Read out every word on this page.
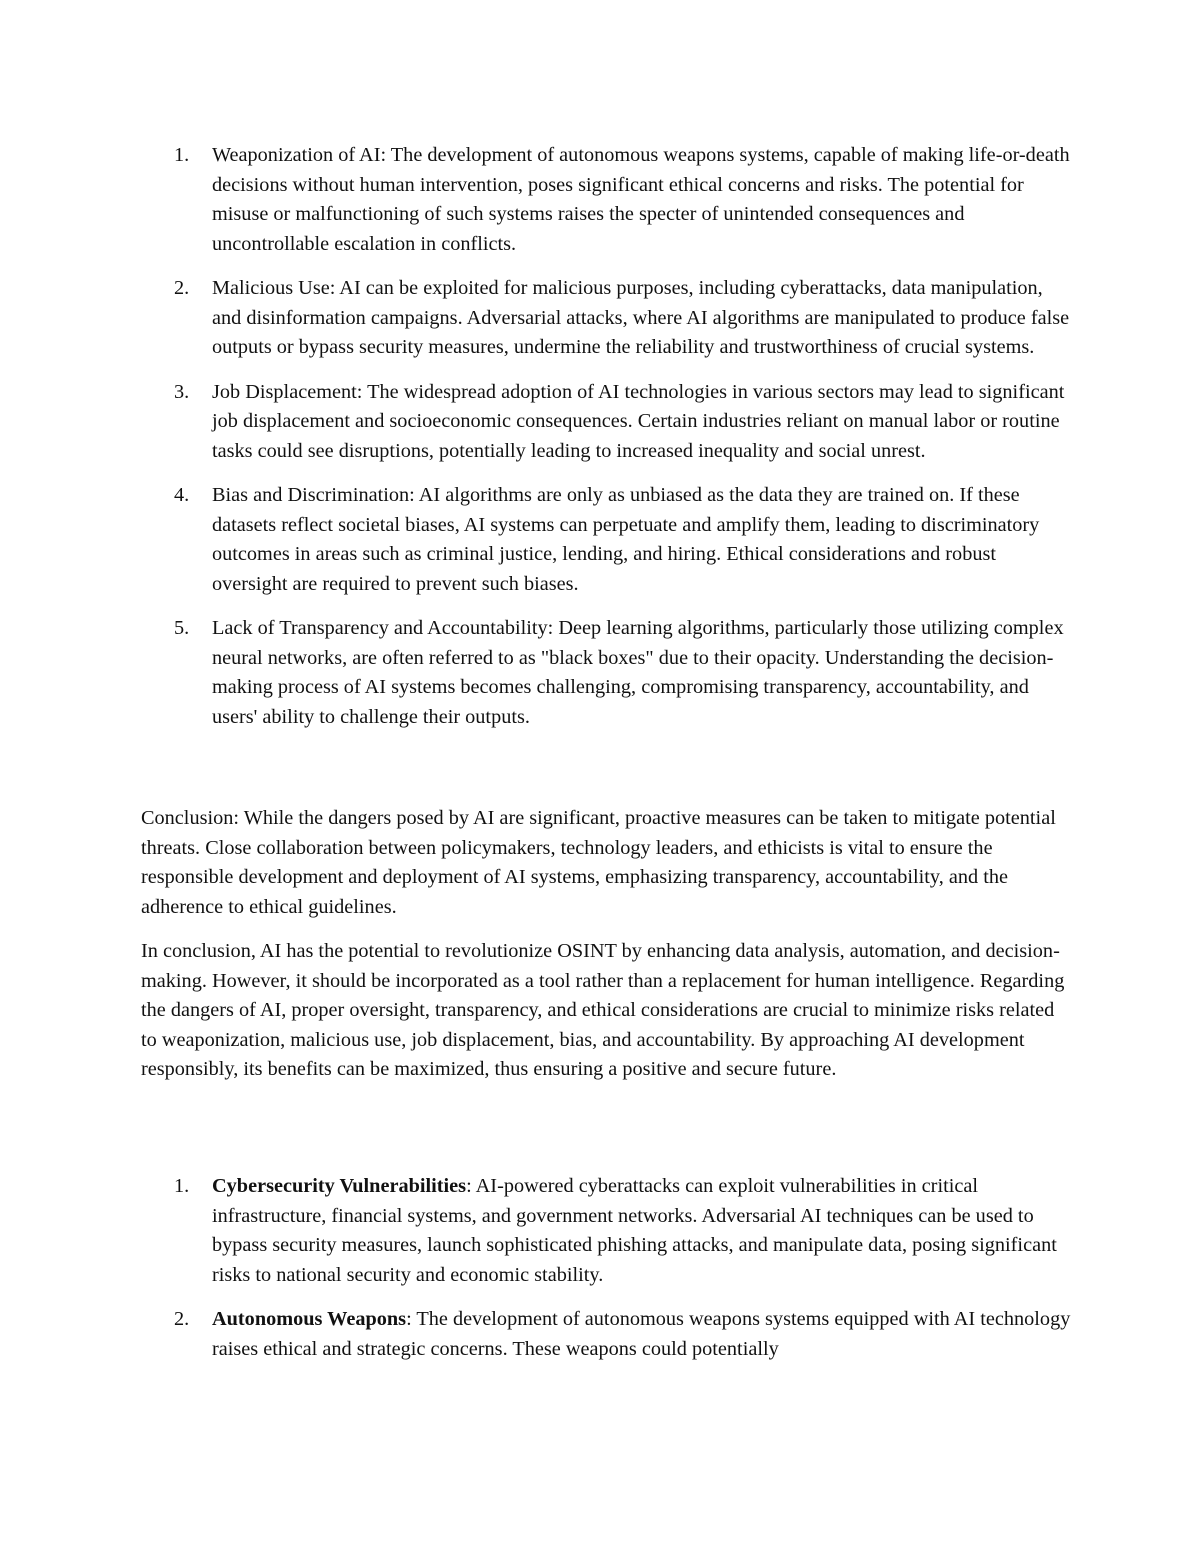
1.	Weaponization of AI: The development of autonomous weapons systems, capable of making life-or-death decisions without human intervention, poses significant ethical concerns and risks. The potential for misuse or malfunctioning of such systems raises the specter of unintended consequences and uncontrollable escalation in conflicts.
2.	Malicious Use: AI can be exploited for malicious purposes, including cyberattacks, data manipulation, and disinformation campaigns. Adversarial attacks, where AI algorithms are manipulated to produce false outputs or bypass security measures, undermine the reliability and trustworthiness of crucial systems.
3.	Job Displacement: The widespread adoption of AI technologies in various sectors may lead to significant job displacement and socioeconomic consequences. Certain industries reliant on manual labor or routine tasks could see disruptions, potentially leading to increased inequality and social unrest.
4.	Bias and Discrimination: AI algorithms are only as unbiased as the data they are trained on. If these datasets reflect societal biases, AI systems can perpetuate and amplify them, leading to discriminatory outcomes in areas such as criminal justice, lending, and hiring. Ethical considerations and robust oversight are required to prevent such biases.
5.	Lack of Transparency and Accountability: Deep learning algorithms, particularly those utilizing complex neural networks, are often referred to as "black boxes" due to their opacity. Understanding the decision-making process of AI systems becomes challenging, compromising transparency, accountability, and users' ability to challenge their outputs.

Conclusion: While the dangers posed by AI are significant, proactive measures can be taken to mitigate potential threats. Close collaboration between policymakers, technology leaders, and ethicists is vital to ensure the responsible development and deployment of AI systems, emphasizing transparency, accountability, and the adherence to ethical guidelines.

In conclusion, AI has the potential to revolutionize OSINT by enhancing data analysis, automation, and decision-making. However, it should be incorporated as a tool rather than a replacement for human intelligence. Regarding the dangers of AI, proper oversight, transparency, and ethical considerations are crucial to minimize risks related to weaponization, malicious use, job displacement, bias, and accountability. By approaching AI development responsibly, its benefits can be maximized, thus ensuring a positive and secure future.

1.	Cybersecurity Vulnerabilities: AI-powered cyberattacks can exploit vulnerabilities in critical infrastructure, financial systems, and government networks. Adversarial AI techniques can be used to bypass security measures, launch sophisticated phishing attacks, and manipulate data, posing significant risks to national security and economic stability.
2.	Autonomous Weapons: The development of autonomous weapons systems equipped with AI technology raises ethical and strategic concerns. These weapons could potentially
